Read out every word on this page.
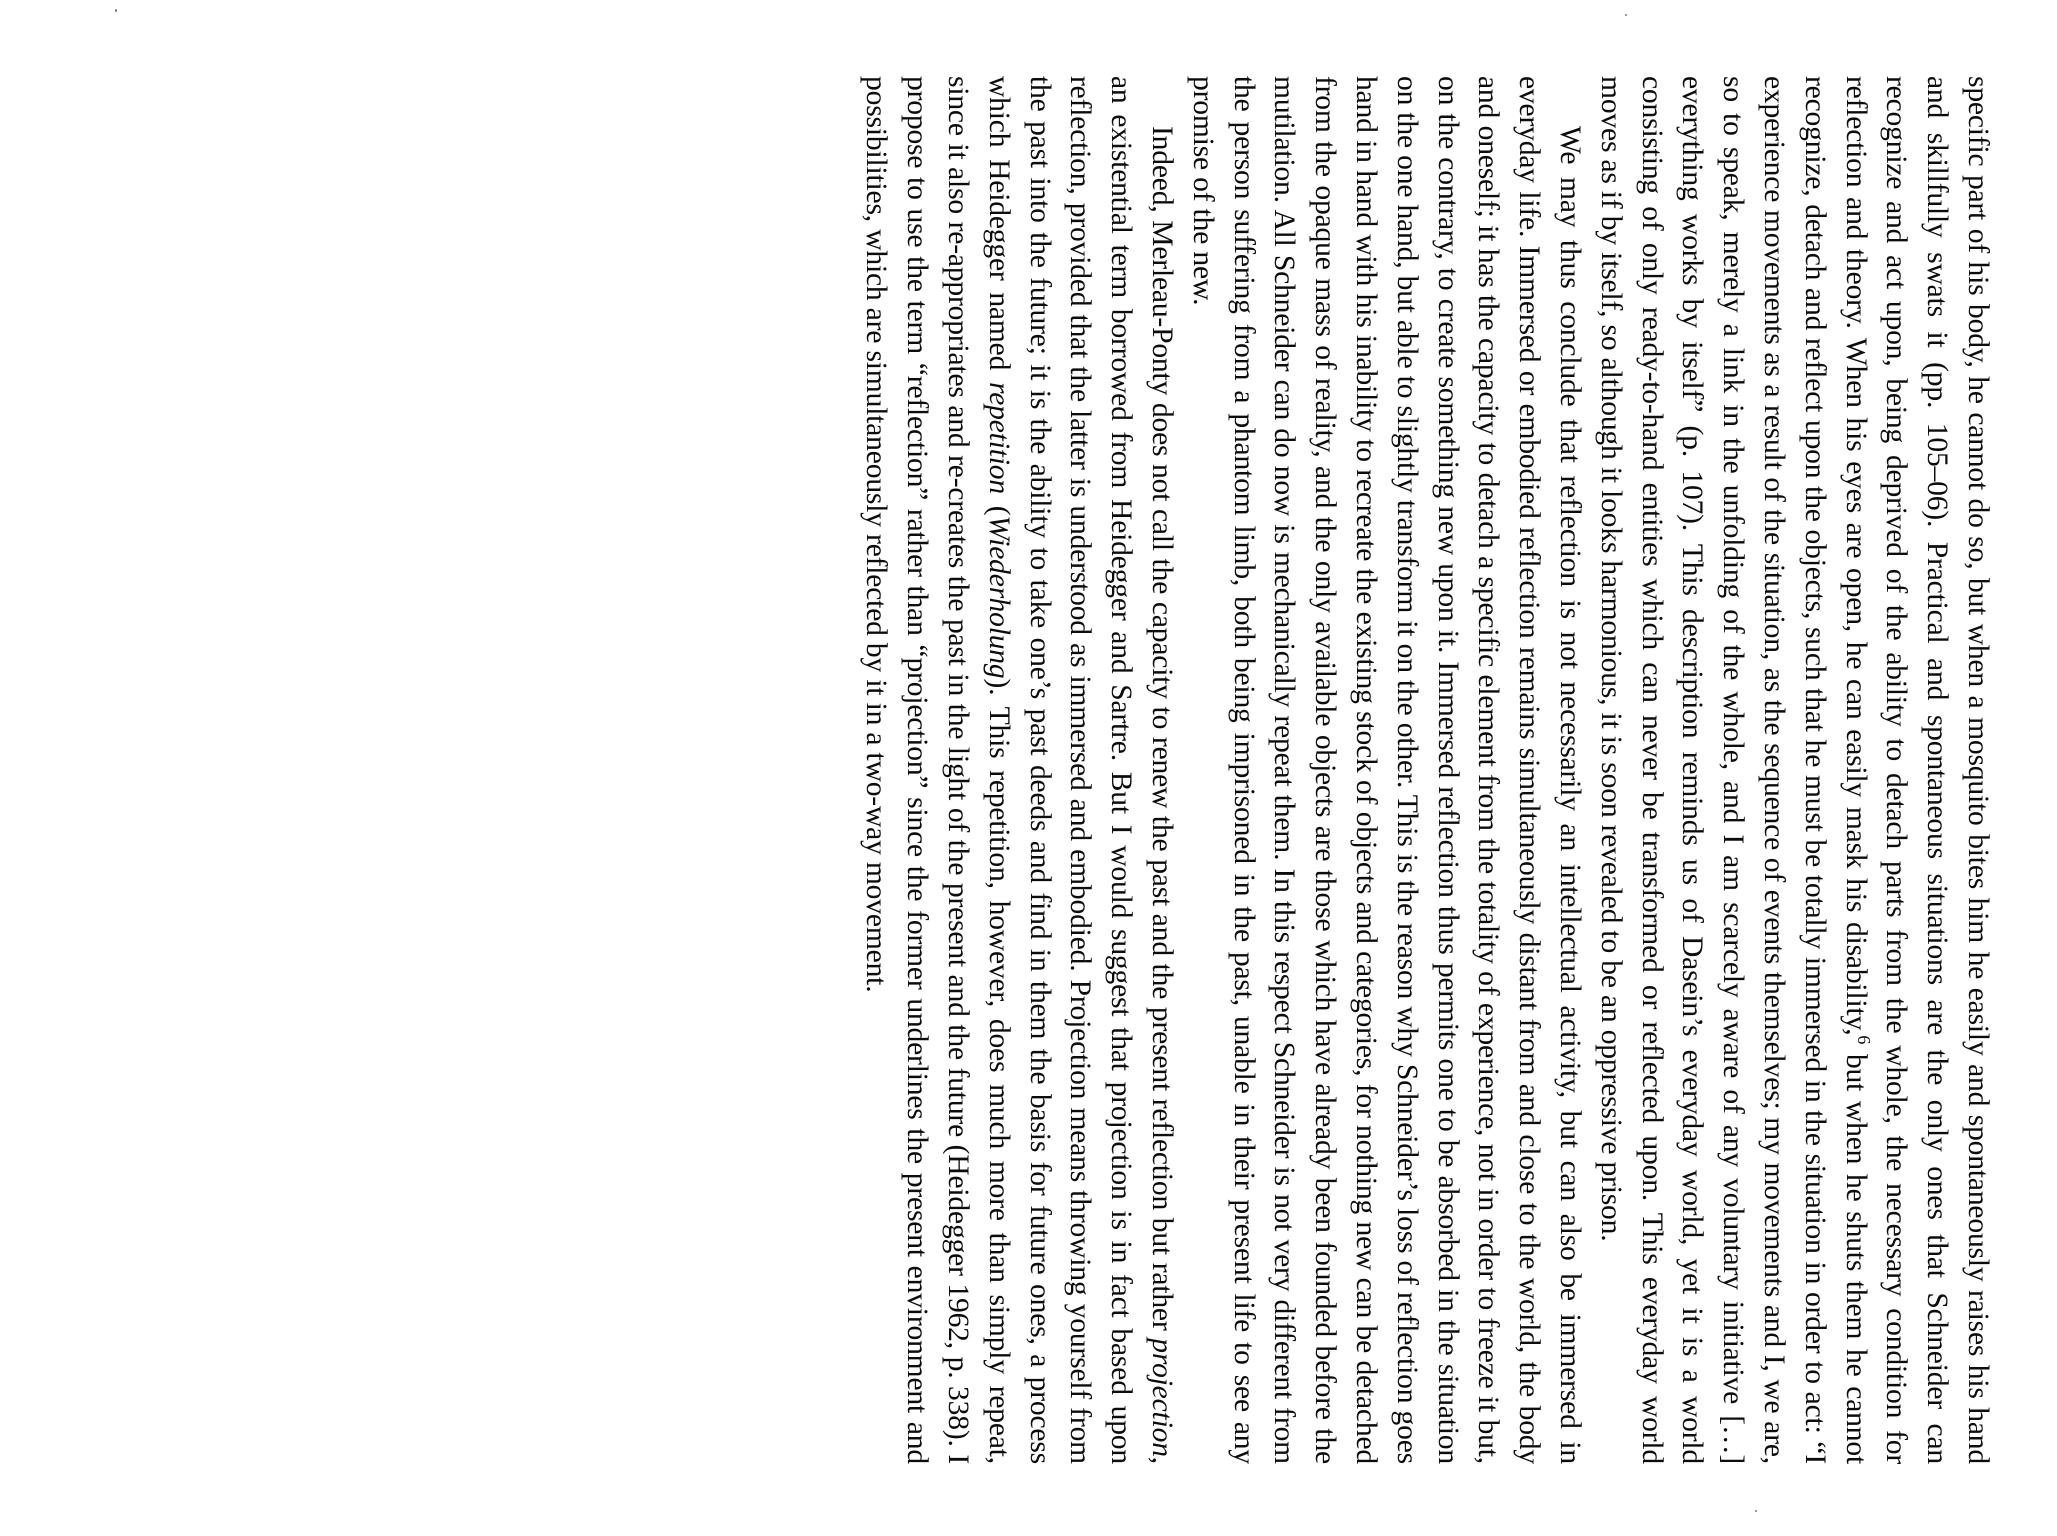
specific part of his body, he cannot do so, but when a mosquito bites him he easily and spontaneously raises his hand and skillfully swats it (pp. 105–06). Practical and spontaneous situations are the only ones that Schneider can recognize and act upon, being deprived of the ability to detach parts from the whole, the necessary condition for reflection and theory. When his eyes are open, he can easily mask his disability,$^6$ but when he shuts them he cannot recognize, detach and reflect upon the objects, such that he must be totally immersed in the situation in order to act: “I experience movements as a result of the situation, as the sequence of events themselves; my movements and I, we are, so to speak, merely a link in the unfolding of the whole, and I am scarcely aware of any voluntary initiative […] everything works by itself” (p. 107). This description reminds us of Dasein’s everyday world, yet it is a world consisting of only ready-to-hand entities which can never be transformed or reflected upon. This everyday world moves as if by itself, so although it looks harmonious, it is soon revealed to be an oppressive prison.

We may thus conclude that reflection is not necessarily an intellectual activity, but can also be immersed in everyday life. Immersed or embodied reflection remains simultaneously distant from and close to the world, the body and oneself; it has the capacity to detach a specific element from the totality of experience, not in order to freeze it but, on the contrary, to create something new upon it. Immersed reflection thus permits one to be absorbed in the situation on the one hand, but able to slightly transform it on the other. This is the reason why Schneider’s loss of reflection goes hand in hand with his inability to recreate the existing stock of objects and categories, for nothing new can be detached from the opaque mass of reality, and the only available objects are those which have already been founded before the mutilation. All Schneider can do now is mechanically repeat them. In this respect Schneider is not very different from the person suffering from a phantom limb, both being imprisoned in the past, unable in their present life to see any promise of the new.

Indeed, Merleau-Ponty does not call the capacity to renew the past and the present reflection but rather projection, an existential term borrowed from Heidegger and Sartre. But I would suggest that projection is in fact based upon reflection, provided that the latter is understood as immersed and embodied. Projection means throwing yourself from the past into the future; it is the ability to take one’s past deeds and find in them the basis for future ones, a process which Heidegger named repetition (Wiederholung). This repetition, however, does much more than simply repeat, since it also re-appropriates and re-creates the past in the light of the present and the future (Heidegger 1962, p. 338). I propose to use the term “reflection” rather than “projection” since the former underlines the present environment and possibilities, which are simultaneously reflected by it in a two-way movement.
